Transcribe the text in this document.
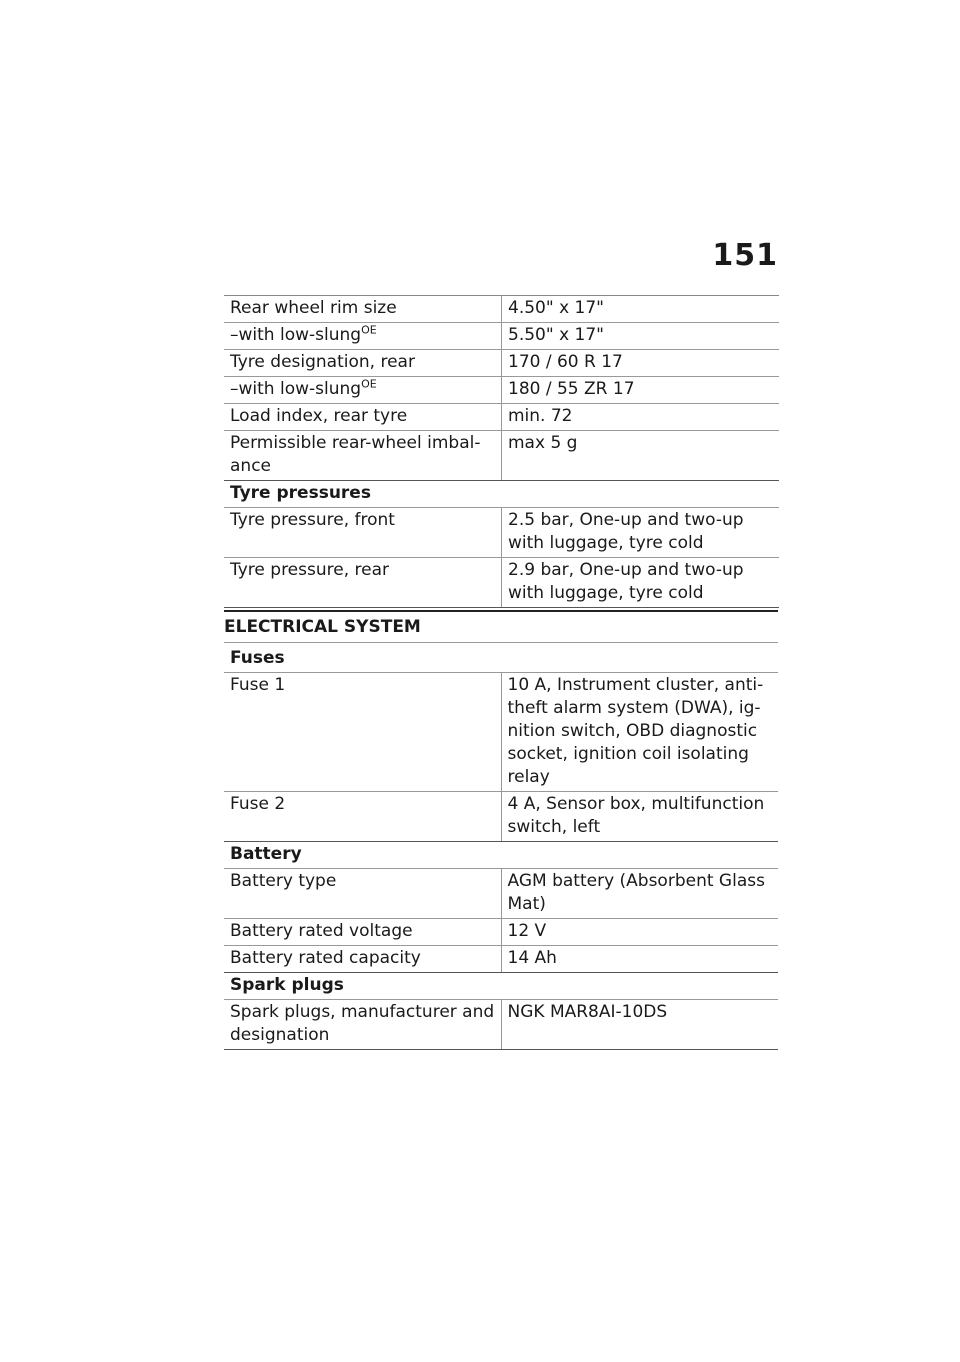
151
Rear wheel rim size	4.50" x 17"
–with low-slung$^{OE}$	5.50" x 17"
Tyre designation, rear	170 / 60 R 17
–with low-slung$^{OE}$	180 / 55 ZR 17
Load index, rear tyre	min. 72
Permissible rear-wheel imbal- ance	max 5 g
Tyre pressures	
Tyre pressure, front	2.5 bar, One-up and two-up with luggage, tyre cold
Tyre pressure, rear	2.9 bar, One-up and two-up with luggage, tyre cold
ELECTRICAL SYSTEM
Fuses	
Fuse 1	10 A, Instrument cluster, anti-theft alarm system (DWA), ig- nition switch, OBD diagnostic socket, ignition coil isolating relay
Fuse 2	4 A, Sensor box, multifunction switch, left
Battery	
Battery type	AGM battery (Absorbent Glass Mat)
Battery rated voltage	12 V
Battery rated capacity	14 Ah
Spark plugs	
Spark plugs, manufacturer and designation	NGK MAR8AI-10DS
